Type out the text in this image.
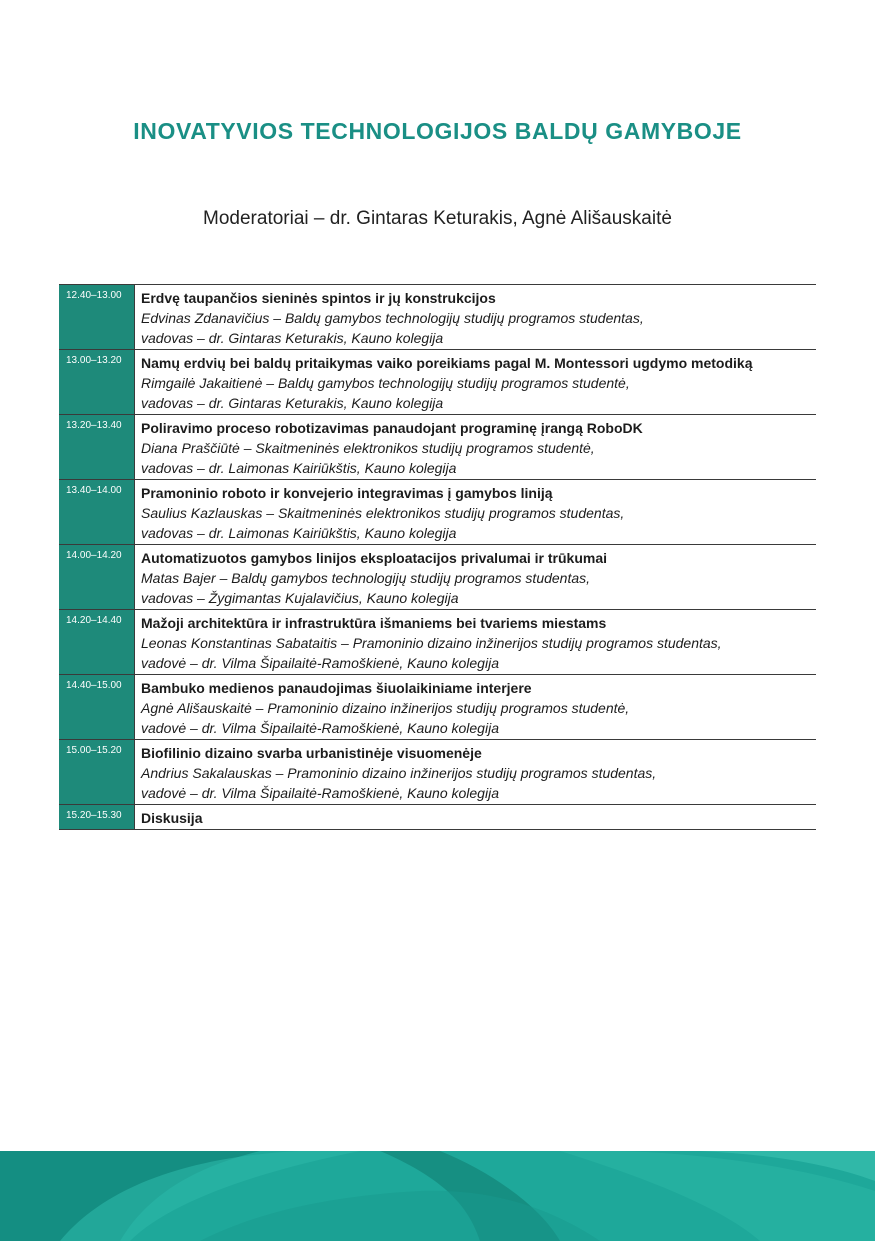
INOVATYVIOS TECHNOLOGIJOS BALDŲ GAMYBOJE
Moderatoriai – dr. Gintaras Keturakis, Agnė Ališauskaitė
12.40–13.00	Erdvę taupančios sieninės spintos ir jų konstrukcijos
Edvinas Zdanavičius – Baldų gamybos technologijų studijų programos studentas,
vadovas – dr. Gintaras Keturakis, Kauno kolegija
13.00–13.20	Namų erdvių bei baldų pritaikymas vaiko poreikiams pagal M. Montessori ugdymo metodiką
Rimgailė Jakaitienė – Baldų gamybos technologijų studijų programos studentė,
vadovas – dr. Gintaras Keturakis, Kauno kolegija
13.20–13.40	Poliravimo proceso robotizavimas panaudojant programinę įrangą RoboDK
Diana Praščiūtė – Skaitmeninės elektronikos studijų programos studentė,
vadovas – dr. Laimonas Kairiūkštis, Kauno kolegija
13.40–14.00	Pramoninio roboto ir konvejerio integravimas į gamybos liniją
Saulius Kazlauskas – Skaitmeninės elektronikos studijų programos studentas,
vadovas – dr. Laimonas Kairiūkštis, Kauno kolegija
14.00–14.20	Automatizuotos gamybos linijos eksploatacijos privalumai ir trūkumai
Matas Bajer – Baldų gamybos technologijų studijų programos studentas,
vadovas – Žygimantas Kujalavičius, Kauno kolegija
14.20–14.40	Mažoji architektūra ir infrastruktūra išmaniems bei tvariems miestams
Leonas Konstantinas Sabataitis – Pramoninio dizaino inžinerijos studijų programos studentas,
vadovė – dr. Vilma Šipailaitė-Ramoškienė, Kauno kolegija
14.40–15.00	Bambuko medienos panaudojimas šiuolaikiniame interjere
Agnė Ališauskaitė – Pramoninio dizaino inžinerijos studijų programos studentė,
vadovė – dr. Vilma Šipailaitė-Ramoškienė, Kauno kolegija
15.00–15.20	Biofilinio dizaino svarba urbanistinėje visuomenėje
Andrius Sakalauskas – Pramoninio dizaino inžinerijos studijų programos studentas,
vadovė – dr. Vilma Šipailaitė-Ramoškienė, Kauno kolegija
15.20–15.30	Diskusija
